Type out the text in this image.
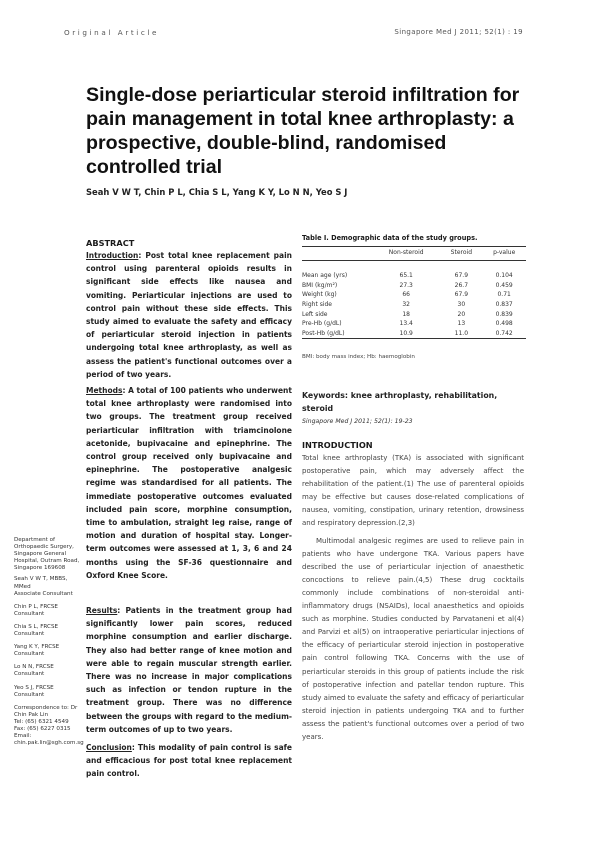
Original Article	Singapore Med J 2011; 52(1) : 19
Single-dose periarticular steroid infiltration for pain management in total knee arthroplasty: a prospective, double-blind, randomised controlled trial
Seah V W T, Chin P L, Chia S L, Yang K Y, Lo N N, Yeo S J
ABSTRACT
Introduction: Post total knee replacement pain control using parenteral opioids results in significant side effects like nausea and vomiting. Periarticular injections are used to control pain without these side effects. This study aimed to evaluate the safety and efficacy of periarticular steroid injection in patients undergoing total knee arthroplasty, as well as assess the patient's functional outcomes over a period of two years.
Methods: A total of 100 patients who underwent total knee arthroplasty were randomised into two groups. The treatment group received periarticular infiltration with triamcinolone acetonide, bupivacaine and epinephrine. The control group received only bupivacaine and epinephrine. The postoperative analgesic regime was standardised for all patients. The immediate postoperative outcomes evaluated included pain score, morphine consumption, time to ambulation, straight leg raise, range of motion and duration of hospital stay. Longer-term outcomes were assessed at 1, 3, 6 and 24 months using the SF-36 questionnaire and Oxford Knee Score.
Results: Patients in the treatment group had significantly lower pain scores, reduced morphine consumption and earlier discharge. They also had better range of knee motion and were able to regain muscular strength earlier. There was no increase in major complications such as infection or tendon rupture in the treatment group. There was no difference between the groups with regard to the medium-term outcomes of up to two years.
Conclusion: This modality of pain control is safe and efficacious for post total knee replacement pain control.
Department of Orthopaedic Surgery, Singapore General Hospital, Outram Road, Singapore 169608
Seah V W T, MBBS, MMed
Associate Consultant
Chin P L, FRCSE
Consultant
Chia S L, FRCSE
Consultant
Yang K Y, FRCSE
Consultant
Lo N N, FRCSE
Consultant
Yeo S J, FRCSE
Consultant
Correspondence to: Dr Chin Pak Lin
Tel: (65) 6321 4549
Fax: (65) 6227 0315
Email: chin.pak.lin@sgh.com.sg
Table I. Demographic data of the study groups.
	Non-steroid	Steroid	p-value
Mean age (yrs)	65.1	67.9	0.104
BMI (kg/m²)	27.3	26.7	0.459
Weight (kg)	66	67.9	0.71
Right side	32	30	0.837
Left side	18	20	0.839
Pre-Hb (g/dL)	13.4	13	0.498
Post-Hb (g/dL)	10.9	11.0	0.742
BMI: body mass index; Hb: haemoglobin
Keywords: knee arthroplasty, rehabilitation, steroid
Singapore Med J 2011; 52(1): 19-23
INTRODUCTION

Total knee arthroplasty (TKA) is associated with significant postoperative pain, which may adversely affect the rehabilitation of the patient.(1) The use of parenteral opioids may be effective but causes dose-related complications of nausea, vomiting, constipation, urinary retention, drowsiness and respiratory depression.(2,3)

Multimodal analgesic regimes are used to relieve pain in patients who have undergone TKA. Various papers have described the use of periarticular injection of anaesthetic concoctions to relieve pain.(4,5) These drug cocktails commonly include combinations of non-steroidal anti-inflammatory drugs (NSAIDs), local anaesthetics and opioids such as morphine. Studies conducted by Parvataneni et al(4) and Parvizi et al(5) on intraoperative periarticular injections of the efficacy of periarticular steroid injection in postoperative pain control following TKA. Concerns with the use of periarticular steroids in this group of patients include the risk of postoperative infection and patellar tendon rupture. This study aimed to evaluate the safety and efficacy of periarticular steroid injection in patients undergoing TKA and to further assess the patient's functional outcomes over a period of two years.
